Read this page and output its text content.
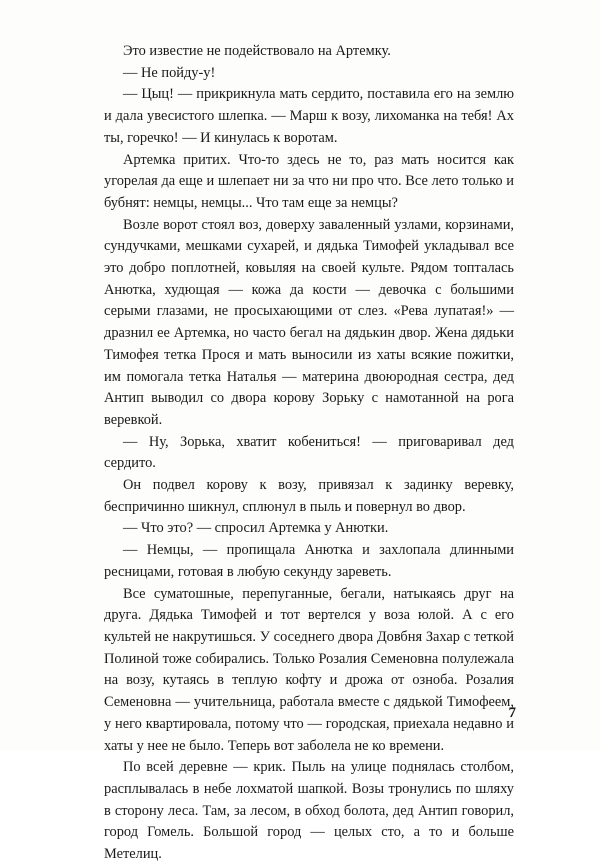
Это известие не подействовало на Артемку.

— Не пойду-у!

— Цыц! — прикрикнула мать сердито, поставила его на землю и дала увесистого шлепка. — Марш к возу, лихоманка на тебя! Ах ты, горечко! — И кинулась к воротам.

Артемка притих. Что-то здесь не то, раз мать носится как угорелая да еще и шлепает ни за что ни про что. Все лето только и бубнят: немцы, немцы... Что там еще за немцы?

Возле ворот стоял воз, доверху заваленный узлами, корзинами, сундучками, мешками сухарей, и дядька Тимофей укладывал все это добро поплотней, ковыляя на своей культе. Рядом топталась Анютка, худющая — кожа да кости — девочка с большими серыми глазами, не просыхающими от слез. «Рева лупатая!» — дразнил ее Артемка, но часто бегал на дядькин двор. Жена дядьки Тимофея тетка Прося и мать выносили из хаты всякие пожитки, им помогала тетка Наталья — материна двоюродная сестра, дед Антип выводил со двора корову Зорьку с намотанной на рога веревкой.

— Ну, Зорька, хватит кобениться! — приговаривал дед сердито.

Он подвел корову к возу, привязал к задинку веревку, беспричинно шикнул, сплюнул в пыль и повернул во двор.

— Что это? — спросил Артемка у Анютки.

— Немцы, — пропищала Анютка и захлопала длинными ресницами, готовая в любую секунду зареветь.

Все суматошные, перепуганные, бегали, натыкаясь друг на друга. Дядька Тимофей и тот вертелся у воза юлой. А с его культей не накрутишься. У соседнего двора Довбня Захар с теткой Полиной тоже собирались. Только Розалия Семеновна полулежала на возу, кутаясь в теплую кофту и дрожа от озноба. Розалия Семеновна — учительница, работала вместе с дядькой Тимофеем, у него квартировала, потому что — городская, приехала недавно и хаты у нее не было. Теперь вот заболела не ко времени.

По всей деревне — крик. Пыль на улице поднялась столбом, расплывалась в небе лохматой шапкой. Возы тронулись по шляху в сторону леса. Там, за лесом, в обход болота, дед Антип говорил, город Гомель. Большой город — целых сто, а то и больше Метелиц.

7
